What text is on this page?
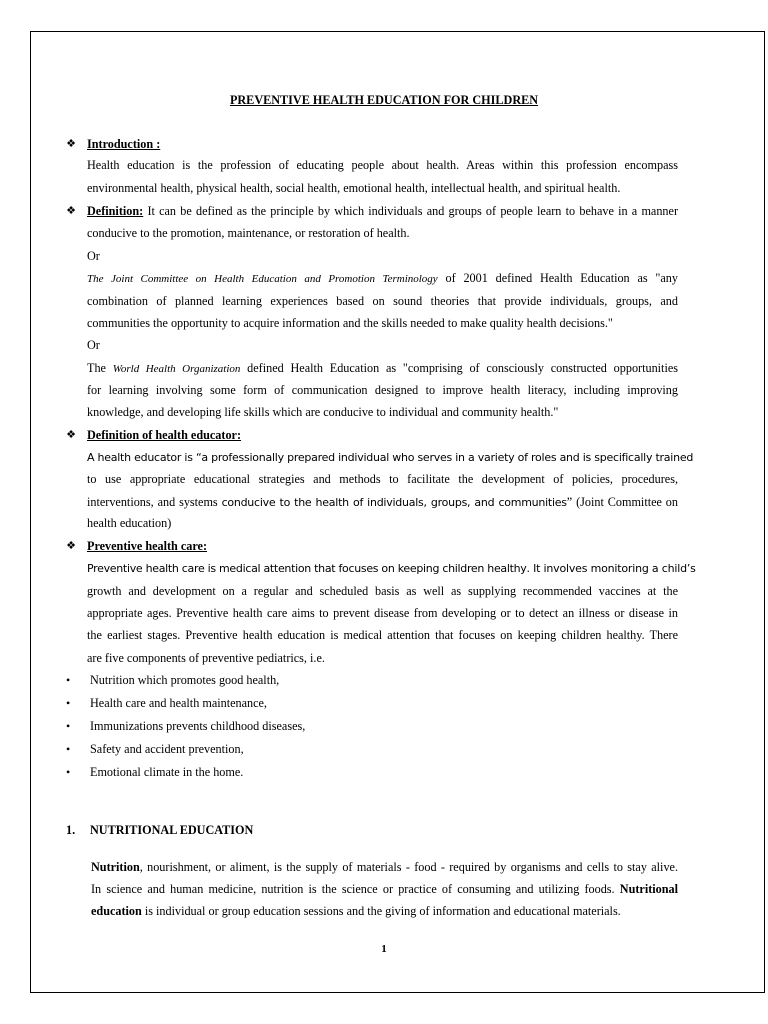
PREVENTIVE HEALTH EDUCATION FOR CHILDREN
❖ Introduction :
Health education is the profession of educating people about health. Areas within this profession encompass
environmental health, physical health, social health, emotional health, intellectual health, and spiritual health.
❖ Definition: It can be defined as the principle by which individuals and groups of people learn to behave in a manner
conducive to the promotion, maintenance, or restoration of health.
Or
The Joint Committee on Health Education and Promotion Terminology of 2001 defined Health Education as "any
combination of planned learning experiences based on sound theories that provide individuals, groups, and
communities the opportunity to acquire information and the skills needed to make quality health decisions."
Or
The World Health Organization defined Health Education as "comprising of consciously constructed opportunities
for learning involving some form of communication designed to improve health literacy, including improving
knowledge, and developing life skills which are conducive to individual and community health."
❖ Definition of health educator:
A health educator is “a professionally prepared individual who serves in a variety of roles and is specifically trained
to use appropriate educational strategies and methods to facilitate the development of policies, procedures,
interventions, and systems conducive to the health of individuals, groups, and communities” (Joint Committee on
health education)
❖ Preventive health care:
Preventive health care is medical attention that focuses on keeping children healthy. It involves monitoring a child’s
growth and development on a regular and scheduled basis as well as supplying recommended vaccines at the
appropriate ages. Preventive health care aims to prevent disease from developing or to detect an illness or disease in
the earliest stages. Preventive health education is medical attention that focuses on keeping children healthy. There
are five components of preventive pediatrics, i.e.
• Nutrition which promotes good health,
• Health care and health maintenance,
• Immunizations prevents childhood diseases,
• Safety and accident prevention,
• Emotional climate in the home.
1. NUTRITIONAL EDUCATION
Nutrition, nourishment, or aliment, is the supply of materials - food - required by organisms and cells to stay alive.
In science and human medicine, nutrition is the science or practice of consuming and utilizing foods. Nutritional
education is individual or group education sessions and the giving of information and educational materials.
1
